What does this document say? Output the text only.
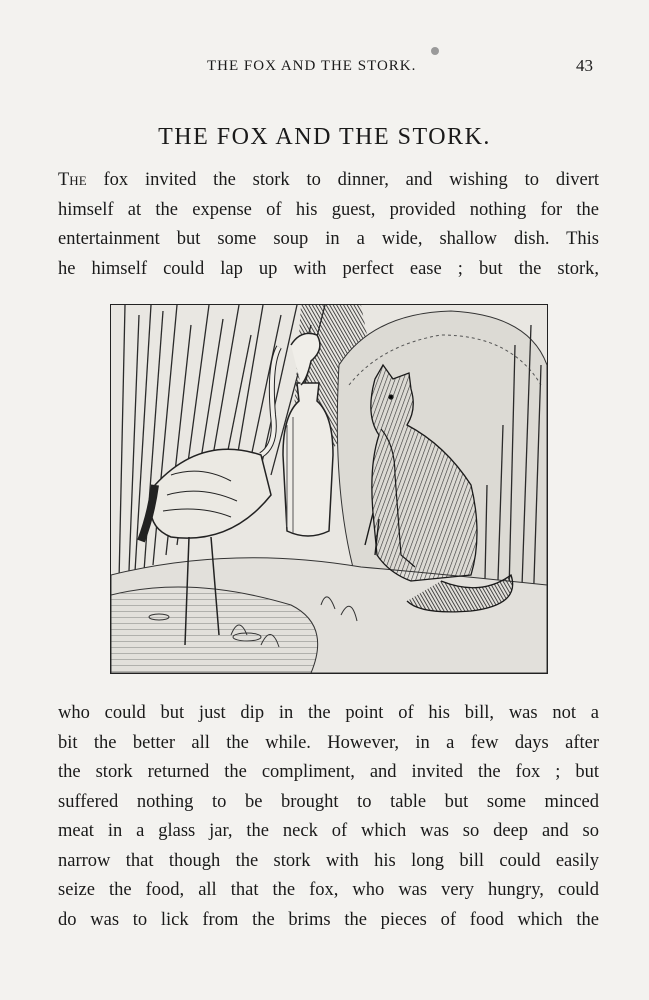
THE FOX AND THE STORK.	43
THE FOX AND THE STORK.
The fox invited the stork to dinner, and wishing to divert
himself at the expense of his guest, provided nothing for the
entertainment but some soup in a wide, shallow dish. This
he himself could lap up with perfect ease ; but the stork,
who could but just dip in the point of his bill, was not a
bit the better all the while. However, in a few days after
the stork returned the compliment, and invited the fox ; but
suffered nothing to be brought to table but some minced
meat in a glass jar, the neck of which was so deep and so
narrow that though the stork with his long bill could easily
seize the food, all that the fox, who was very hungry, could
do was to lick from the brims the pieces of food which the
